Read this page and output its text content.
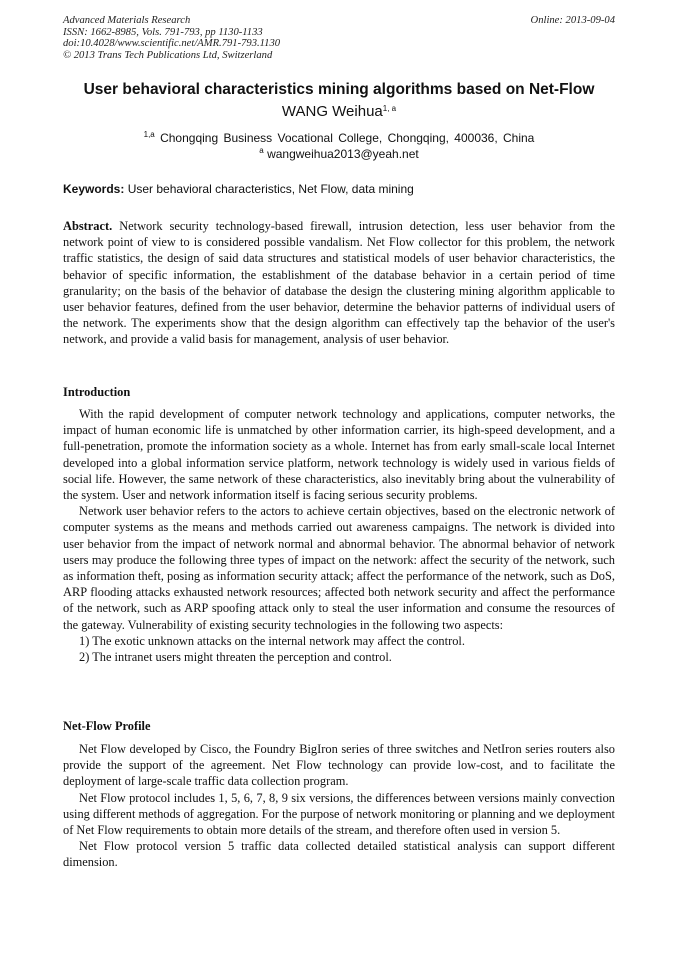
Advanced Materials Research
ISSN: 1662-8985, Vols. 791-793, pp 1130-1133
doi:10.4028/www.scientific.net/AMR.791-793.1130
© 2013 Trans Tech Publications Ltd, Switzerland
Online: 2013-09-04
User behavioral characteristics mining algorithms based on Net-Flow
WANG Weihua$^{1, a}$
$^{1,a}$ Chongqing Business Vocational College, Chongqing, 400036, China
$^a$ wangweihua2013@yeah.net
Keywords: User behavioral characteristics, Net Flow, data mining

Abstract. Network security technology-based firewall, intrusion detection, less user behavior from the network point of view to is considered possible vandalism. Net Flow collector for this problem, the network traffic statistics, the design of said data structures and statistical models of user behavior characteristics, the behavior of specific information, the establishment of the database behavior in a certain period of time granularity; on the basis of the behavior of database the design the clustering mining algorithm applicable to user behavior features, defined from the user behavior, determine the behavior patterns of individual users of the network. The experiments show that the design algorithm can effectively tap the behavior of the user's network, and provide a valid basis for management, analysis of user behavior.

Introduction

With the rapid development of computer network technology and applications, computer networks, the impact of human economic life is unmatched by other information carrier, its high-speed development, and a full-penetration, promote the information society as a whole. Internet has from early small-scale local Internet developed into a global information service platform, network technology is widely used in various fields of social life. However, the same network of these characteristics, also inevitably bring about the vulnerability of the system. User and network information itself is facing serious security problems.

Network user behavior refers to the actors to achieve certain objectives, based on the electronic network of computer systems as the means and methods carried out awareness campaigns. The network is divided into user behavior from the impact of network normal and abnormal behavior. The abnormal behavior of network users may produce the following three types of impact on the network: affect the security of the network, such as information theft, posing as information security attack; affect the performance of the network, such as DoS, ARP flooding attacks exhausted network resources; affected both network security and affect the performance of the network, such as ARP spoofing attack only to steal the user information and consume the resources of the gateway. Vulnerability of existing security technologies in the following two aspects:

1) The exotic unknown attacks on the internal network may affect the control.

2) The intranet users might threaten the perception and control.

Net-Flow Profile

Net Flow developed by Cisco, the Foundry BigIron series of three switches and NetIron series routers also provide the support of the agreement. Net Flow technology can provide low-cost, and to facilitate the deployment of large-scale traffic data collection program.

Net Flow protocol includes 1, 5, 6, 7, 8, 9 six versions, the differences between versions mainly convection using different methods of aggregation. For the purpose of network monitoring or planning and we deployment of Net Flow requirements to obtain more details of the stream, and therefore often used in version 5.

Net Flow protocol version 5 traffic data collected detailed statistical analysis can support different dimension.
